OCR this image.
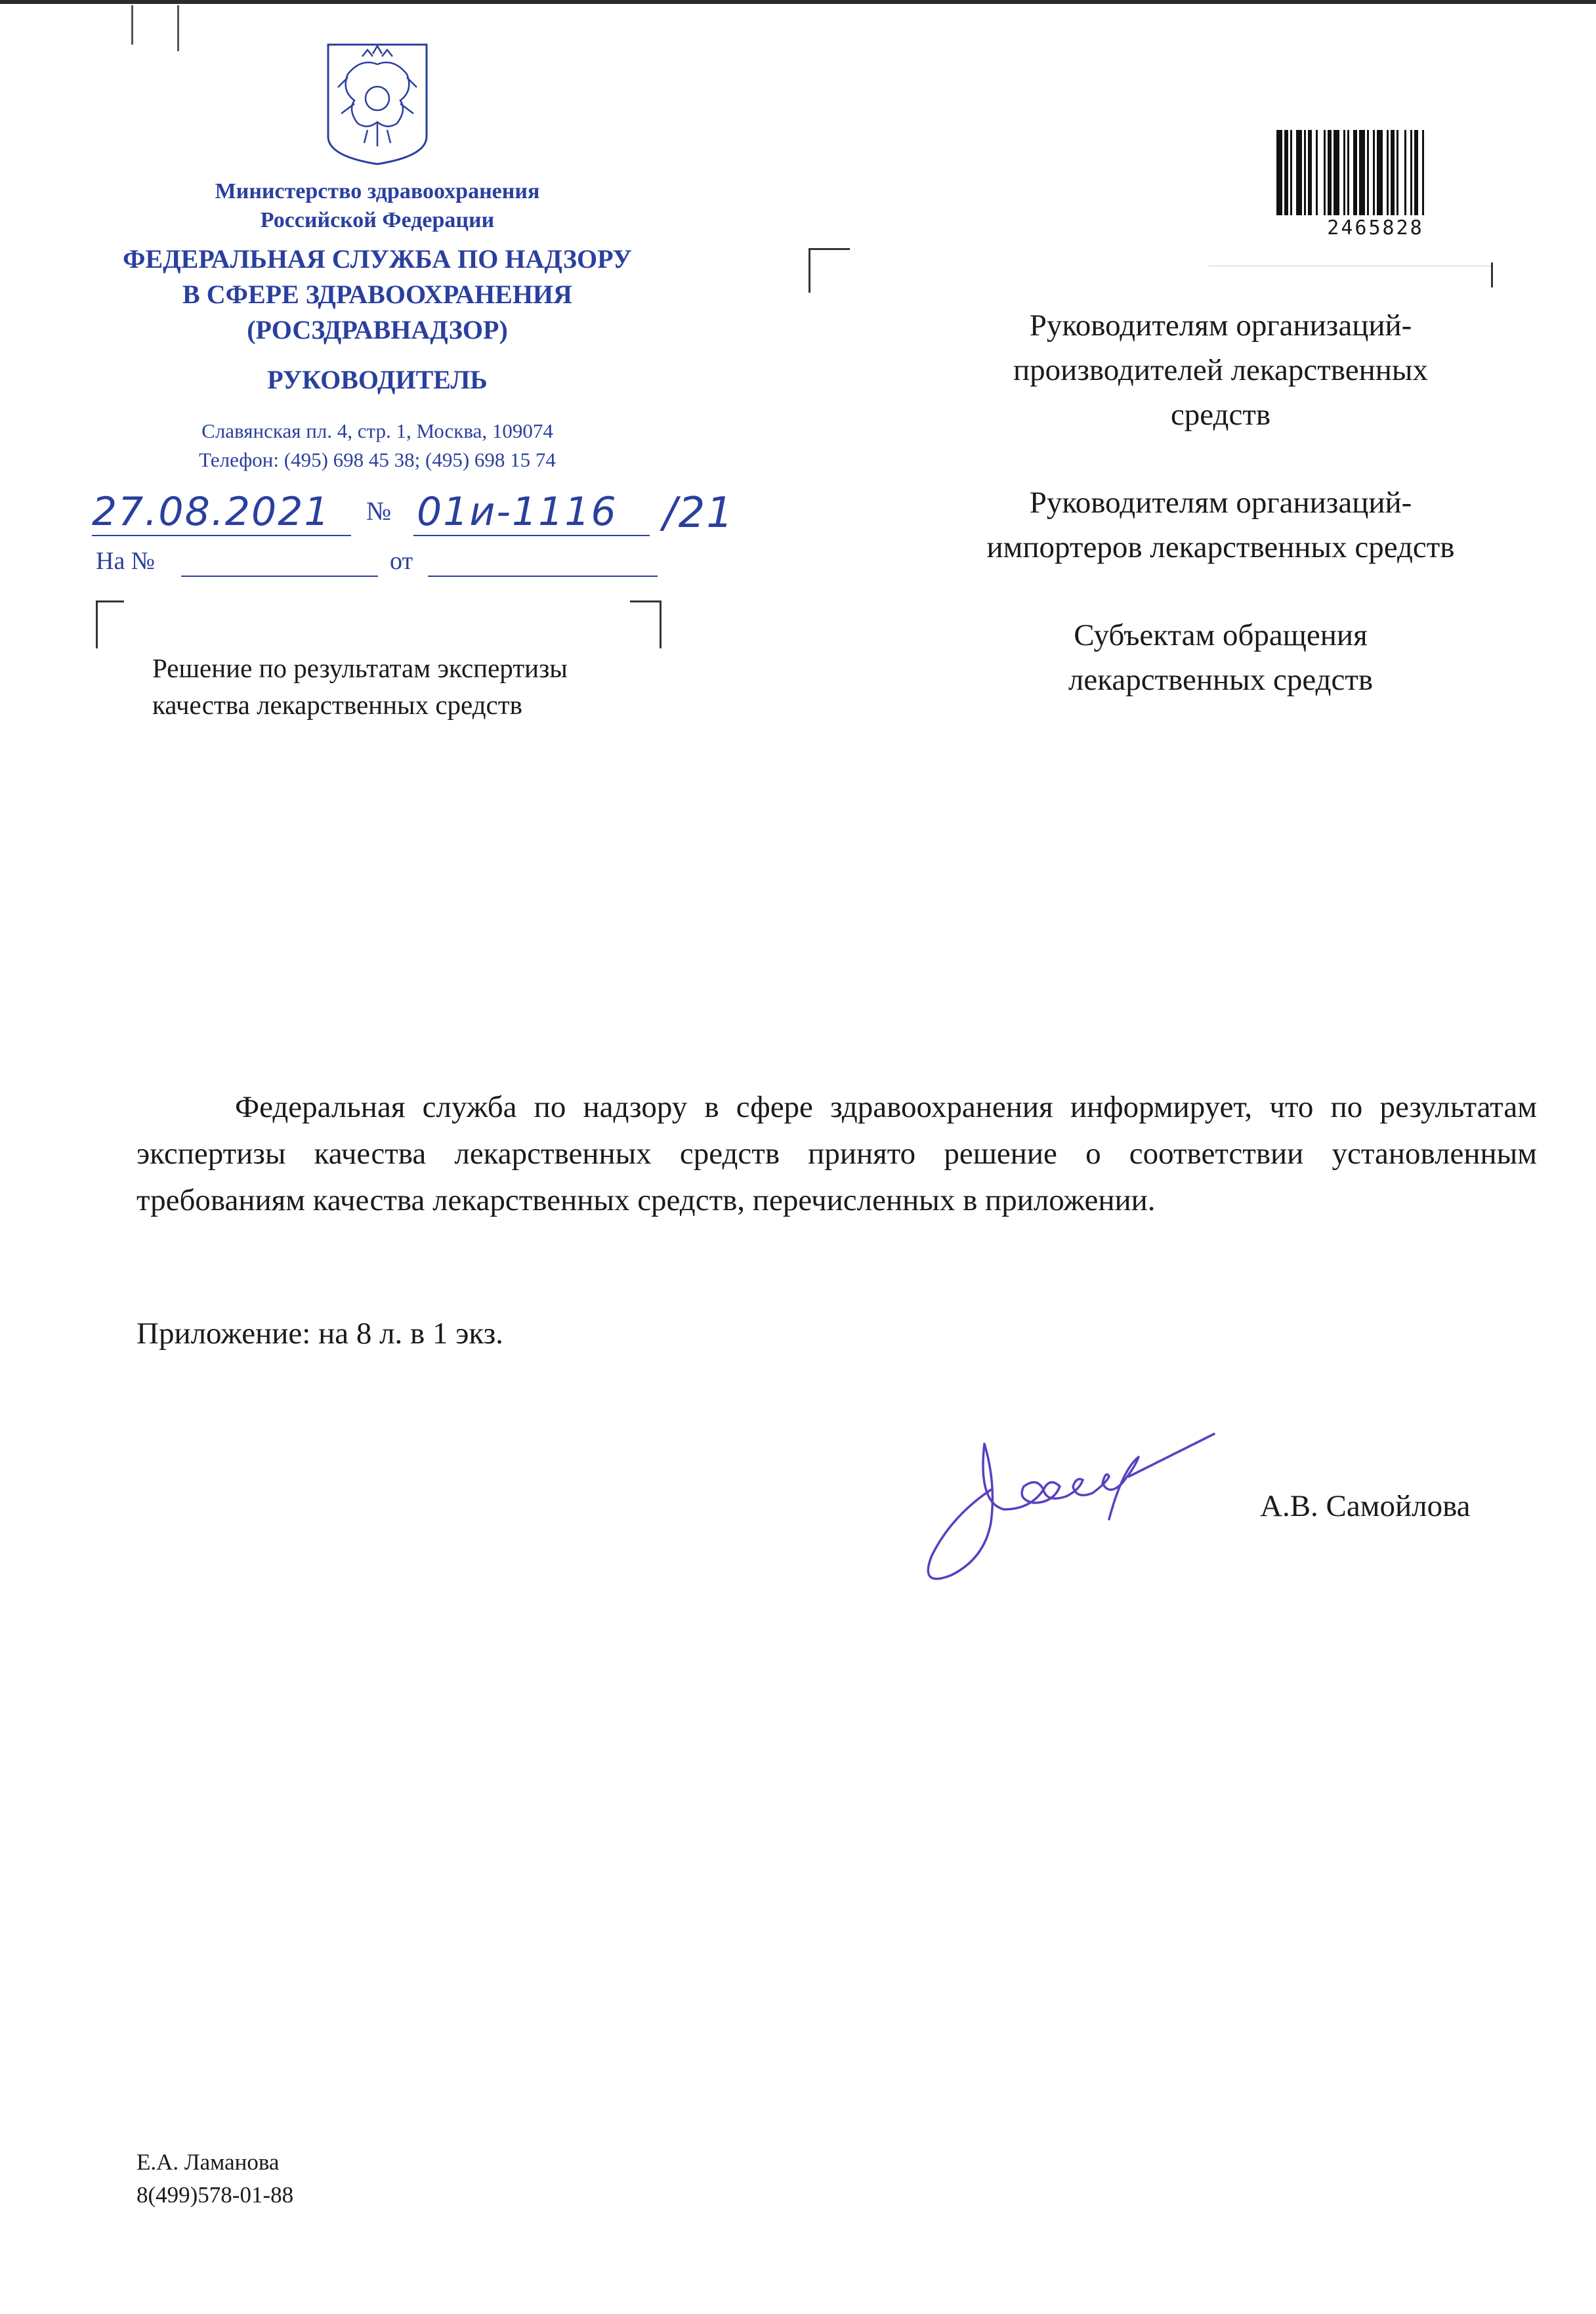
Министерство здравоохранения
Российской Федерации
ФЕДЕРАЛЬНАЯ СЛУЖБА ПО НАДЗОРУ
В СФЕРЕ ЗДРАВООХРАНЕНИЯ
(РОСЗДРАВНАДЗОР)
РУКОВОДИТЕЛЬ
Славянская пл. 4, стр. 1, Москва, 109074
Телефон: (495) 698 45 38; (495) 698 15 74
27.08.2021 № 01и-1116 /21
На №	от
Решение по результатам экспертизы
качества лекарственных средств
2465828
Руководителям организаций-
производителей лекарственных
средств
Руководителям организаций-
импортеров лекарственных средств
Субъектам обращения
лекарственных средств

Федеральная служба по надзору в сфере здравоохранения информирует, что по результатам экспертизы качества лекарственных средств принято решение о соответствии установленным требованиям качества лекарственных средств, перечисленных в приложении.

Приложение: на 8 л. в 1 экз.
А.В. Самойлова
Е.А. Ламанова
8(499)578-01-88
